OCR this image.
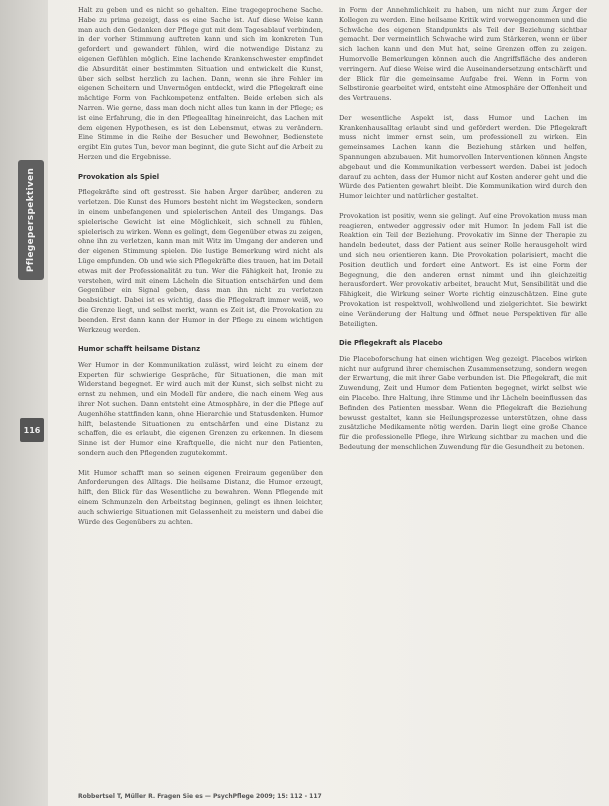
Pflegeperspektiven
116

Halt zu geben und es nicht so gehalten. Eine tragegeprochene Sache. Habe zu prima gezeigt, dass es eine Sache ist. Auf diese Weise kann man auch den Gedanken der Pflege gut mit dem Tagesablauf verbinden, in der vorher Stimmung auftreten kann und sich im konkreten Tun gefordert und gewandert fühlen, wird die notwendige Distanz zu eigenen Gefühlen möglich. Eine lachende Krankenschwester empfindet die Absurdität einer bestimmten Situation und entwickelt die Kunst, über sich selbst herzlich zu lachen. Dann, wenn sie ihre Fehler im eigenen Scheitern und Unvermögen entdeckt, wird die Pflegekraft eine mächtige Form von Fachkompetenz entfalten. Beide erleben sich als Narren. Wie gerne, dass man doch nicht alles tun kann in der Pflege; es ist eine Erfahrung, die in den Pflegealltag hineinreicht, das Lachen mit dem eigenen Hypothesen, es ist den Lebensmut, etwas zu verändern. Eine Stimme in die Reihe der Besucher und Bewohner, Bedienstete ergibt Ein gutes Tun, bevor man beginnt, die gute Sicht auf die Arbeit zu Herzen und die Ergebnisse.

Provokation als Spiel

Pflegekräfte sind oft gestresst. Sie haben Ärger darüber, anderen zu verletzen. Die Kunst des Humors besteht nicht im Wegstecken, sondern in einem unbefangenen und spielerischen Anteil des Umgangs. Das spielerische Gewicht ist eine Möglichkeit, sich schnell zu fühlen, spielerisch zu wirken. Wenn es gelingt, dem Gegenüber etwas zu zeigen, ohne ihn zu verletzen, kann man mit Witz im Umgang der anderen und der eigenen Stimmung spielen. Die lustige Bemerkung wird nicht als Lüge empfunden. Ob und wie sich Pflegekräfte dies trauen, hat im Detail etwas mit der Professionalität zu tun. Wer die Fähigkeit hat, Ironie zu verstehen, wird mit einem Lächeln die Situation entschärfen und dem Gegenüber ein Signal geben, dass man ihn nicht zu verletzen beabsichtigt. Dabei ist es wichtig, dass die Pflegekraft immer weiß, wo die Grenze liegt, und selbst merkt, wann es Zeit ist, die Provokation zu beenden. Erst dann kann der Humor in der Pflege zu einem wichtigen Werkzeug werden.

Humor schafft heilsame Distanz

Wer Humor in der Kommunikation zulässt, wird leicht zu einem der Experten für schwierige Gespräche, für Situationen, die man mit Widerstand begegnet. Er wird auch mit der Kunst, sich selbst nicht zu ernst zu nehmen, und ein Modell für andere, die nach einem Weg aus ihrer Not suchen. Dann entsteht eine Atmosphäre, in der die Pflege auf Augenhöhe stattfinden kann, ohne Hierarchie und Statusdenken. Humor hilft, belastende Situationen zu entschärfen und eine Distanz zu schaffen, die es erlaubt, die eigenen Grenzen zu erkennen. In diesem Sinne ist der Humor eine Kraftquelle, die nicht nur den Patienten, sondern auch den Pflegenden zugutekommt.

Mit Humor schafft man so seinen eigenen Freiraum gegenüber den Anforderungen des Alltags. Die heilsame Distanz, die Humor erzeugt, hilft, den Blick für das Wesentliche zu bewahren. Wenn Pflegende mit einem Schmunzeln den Arbeitstag beginnen, gelingt es ihnen leichter, auch schwierige Situationen mit Gelassenheit zu meistern und dabei die Würde des Gegenübers zu achten.

in Form der Annehmlichkeit zu haben, um nicht nur zum Ärger der Kollegen zu werden. Eine heilsame Kritik wird vorweggenommen und die Schwäche des eigenen Standpunkts als Teil der Beziehung sichtbar gemacht. Der vermeintlich Schwache wird zum Stärkeren, wenn er über sich lachen kann und den Mut hat, seine Grenzen offen zu zeigen. Humorvolle Bemerkungen können auch die Angriffsfläche des anderen verringern. Auf diese Weise wird die Auseinandersetzung entschärft und der Blick für die gemeinsame Aufgabe frei. Wenn in Form von Selbstironie gearbeitet wird, entsteht eine Atmosphäre der Offenheit und des Vertrauens.

Der wesentliche Aspekt ist, dass Humor und Lachen im Krankenhausalltag erlaubt sind und gefördert werden. Die Pflegekraft muss nicht immer ernst sein, um professionell zu wirken. Ein gemeinsames Lachen kann die Beziehung stärken und helfen, Spannungen abzubauen. Mit humorvollen Interventionen können Ängste abgebaut und die Kommunikation verbessert werden. Dabei ist jedoch darauf zu achten, dass der Humor nicht auf Kosten anderer geht und die Würde des Patienten gewahrt bleibt. Die Kommunikation wird durch den Humor leichter und natürlicher gestaltet.

Provokation ist positiv, wenn sie gelingt. Auf eine Provokation muss man reagieren, entweder aggressiv oder mit Humor. In jedem Fall ist die Reaktion ein Teil der Beziehung. Provokativ im Sinne der Therapie zu handeln bedeutet, dass der Patient aus seiner Rolle herausgeholt wird und sich neu orientieren kann. Die Provokation polarisiert, macht die Position deutlich und fordert eine Antwort. Es ist eine Form der Begegnung, die den anderen ernst nimmt und ihn gleichzeitig herausfordert. Wer provokativ arbeitet, braucht Mut, Sensibilität und die Fähigkeit, die Wirkung seiner Worte richtig einzuschätzen. Eine gute Provokation ist respektvoll, wohlwollend und zielgerichtet. Sie bewirkt eine Veränderung der Haltung und öffnet neue Perspektiven für alle Beteiligten.

Die Pflegekraft als Placebo

Die Placeboforschung hat einen wichtigen Weg gezeigt. Placebos wirken nicht nur aufgrund ihrer chemischen Zusammensetzung, sondern wegen der Erwartung, die mit ihrer Gabe verbunden ist. Die Pflegekraft, die mit Zuwendung, Zeit und Humor dem Patienten begegnet, wirkt selbst wie ein Placebo. Ihre Haltung, ihre Stimme und ihr Lächeln beeinflussen das Befinden des Patienten messbar. Wenn die Pflegekraft die Beziehung bewusst gestaltet, kann sie Heilungsprozesse unterstützen, ohne dass zusätzliche Medikamente nötig werden. Darin liegt eine große Chance für die professionelle Pflege, ihre Wirkung sichtbar zu machen und die Bedeutung der menschlichen Zuwendung für die Gesundheit zu betonen.

Robbertsel T, Müller R. Fragen Sie es — PsychPflege 2009; 15: 112 - 117
